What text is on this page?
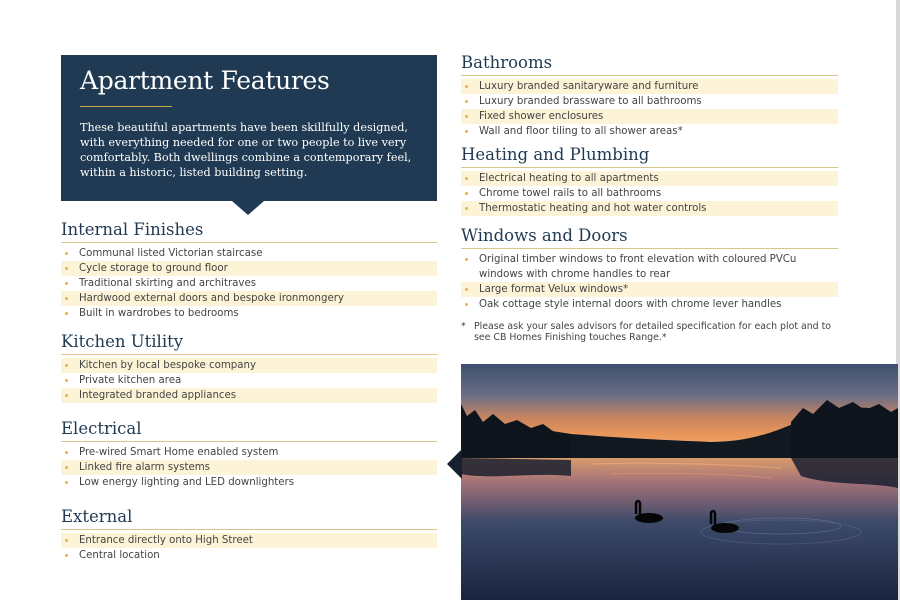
Apartment Features

These beautiful apartments have been skillfully designed, with everything needed for one or two people to live very comfortably. Both dwellings combine a contemporary feel, within a historic, listed building setting.

Internal Finishes
Communal listed Victorian staircase
Cycle storage to ground floor
Traditional skirting and architraves
Hardwood external doors and bespoke ironmongery
Built in wardrobes to bedrooms
Kitchen Utility
Kitchen by local bespoke company
Private kitchen area
Integrated branded appliances
Electrical
Pre-wired Smart Home enabled system
Linked fire alarm systems
Low energy lighting and LED downlighters
External
Entrance directly onto High Street
Central location
Bathrooms
Luxury branded sanitaryware and furniture
Luxury branded brassware to all bathrooms
Fixed shower enclosures
Wall and floor tiling to all shower areas*
Heating and Plumbing
Electrical heating to all apartments
Chrome towel rails to all bathrooms
Thermostatic heating and hot water controls
Windows and Doors
Original timber windows to front elevation with coloured PVCu windows with chrome handles to rear
Large format Velux windows*
Oak cottage style internal doors with chrome lever handles
* Please ask your sales advisors for detailed specification for each plot and to see CB Homes Finishing touches Range.*
